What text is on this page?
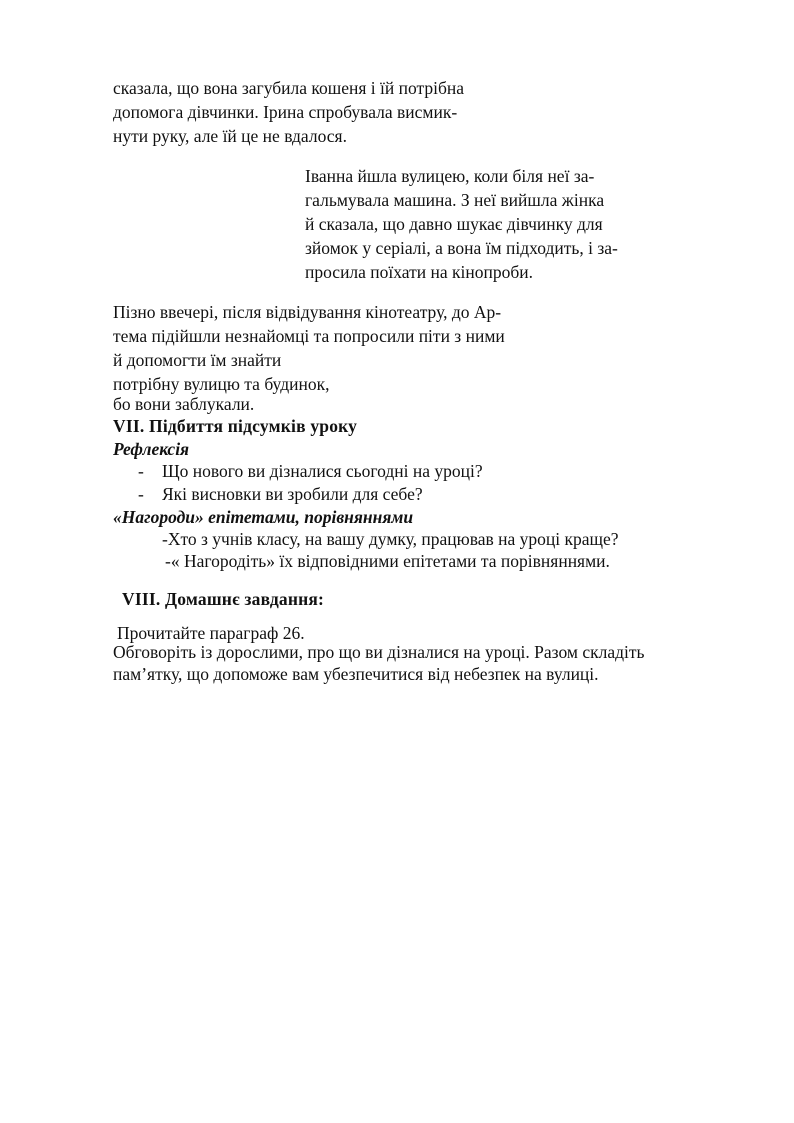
сказала, що вона загубила кошеня і їй потрібна
допомога дівчинки. Ірина спробувала висмик-
нути руку, але їй це не вдалося.
Іванна йшла вулицею, коли біля неї за-
гальмувала машина. З неї вийшла жінка
й сказала, що давно шукає дівчинку для
зйомок у серіалі, а вона їм підходить, і за-
просила поїхати на кінопроби.
Пізно ввечері, після відвідування кінотеатру, до Ар-
тема підійшли незнайомці та попросили піти з ними
й допомогти їм знайти
потрібну вулицю та будинок,
бо вони заблукали.
VII. Підбиття підсумків уроку
Рефлексія
- Що нового ви дізналися сьогодні на уроці?
- Які висновки ви зробили для себе?
«Нагороди» епітетами, порівняннями
-Хто з учнів класу, на вашу думку, працював на уроці краще?
-« Нагородіть» їх відповідними епітетами та порівняннями.
VIII. Домашнє завдання:
Прочитайте параграф 26.
Обговоріть із дорослими, про що ви дізналися на уроці. Разом складіть
пам’ятку, що допоможе вам убезпечитися від небезпек на вулиці.
